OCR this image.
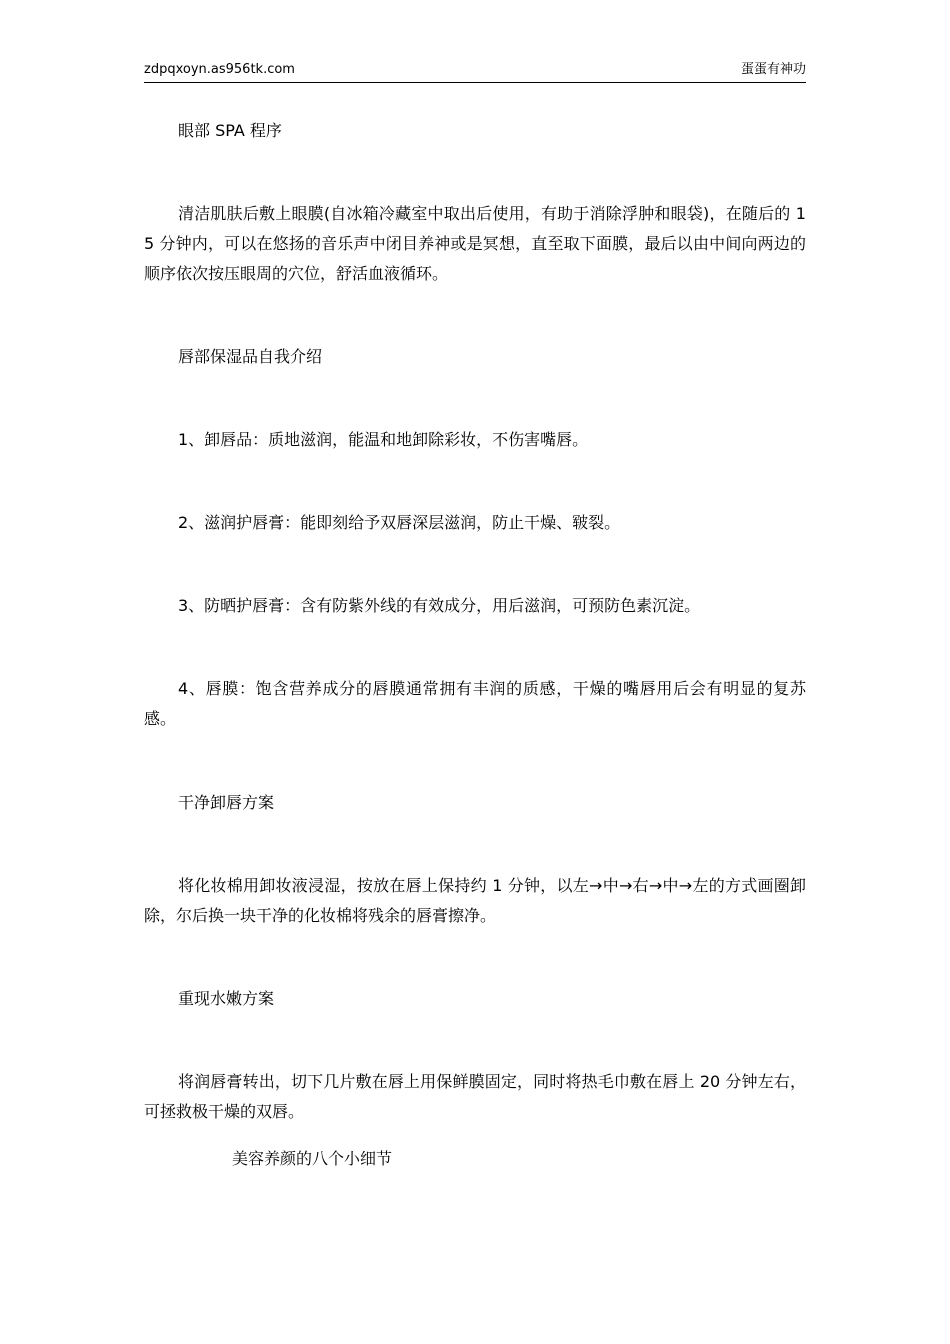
zdpqxoyn.as956tk.com	蛋蛋有神功
眼部 SPA 程序
清洁肌肤后敷上眼膜(自冰箱冷藏室中取出后使用，有助于消除浮肿和眼袋)，在随后的 15 分钟内，可以在悠扬的音乐声中闭目养神或是冥想，直至取下面膜，最后以由中间向两边的顺序依次按压眼周的穴位，舒活血液循环。
唇部保湿品自我介绍
1、卸唇品：质地滋润，能温和地卸除彩妆，不伤害嘴唇。
2、滋润护唇膏：能即刻给予双唇深层滋润，防止干燥、皲裂。
3、防晒护唇膏：含有防紫外线的有效成分，用后滋润，可预防色素沉淀。
4、唇膜：饱含营养成分的唇膜通常拥有丰润的质感，干燥的嘴唇用后会有明显的复苏感。
干净卸唇方案
将化妆棉用卸妆液浸湿，按放在唇上保持约 1 分钟，以左→中→右→中→左的方式画圈卸除，尔后换一块干净的化妆棉将残余的唇膏擦净。
重现水嫩方案
将润唇膏转出，切下几片敷在唇上用保鲜膜固定，同时将热毛巾敷在唇上 20 分钟左右，可拯救极干燥的双唇。
美容养颜的八个小细节
